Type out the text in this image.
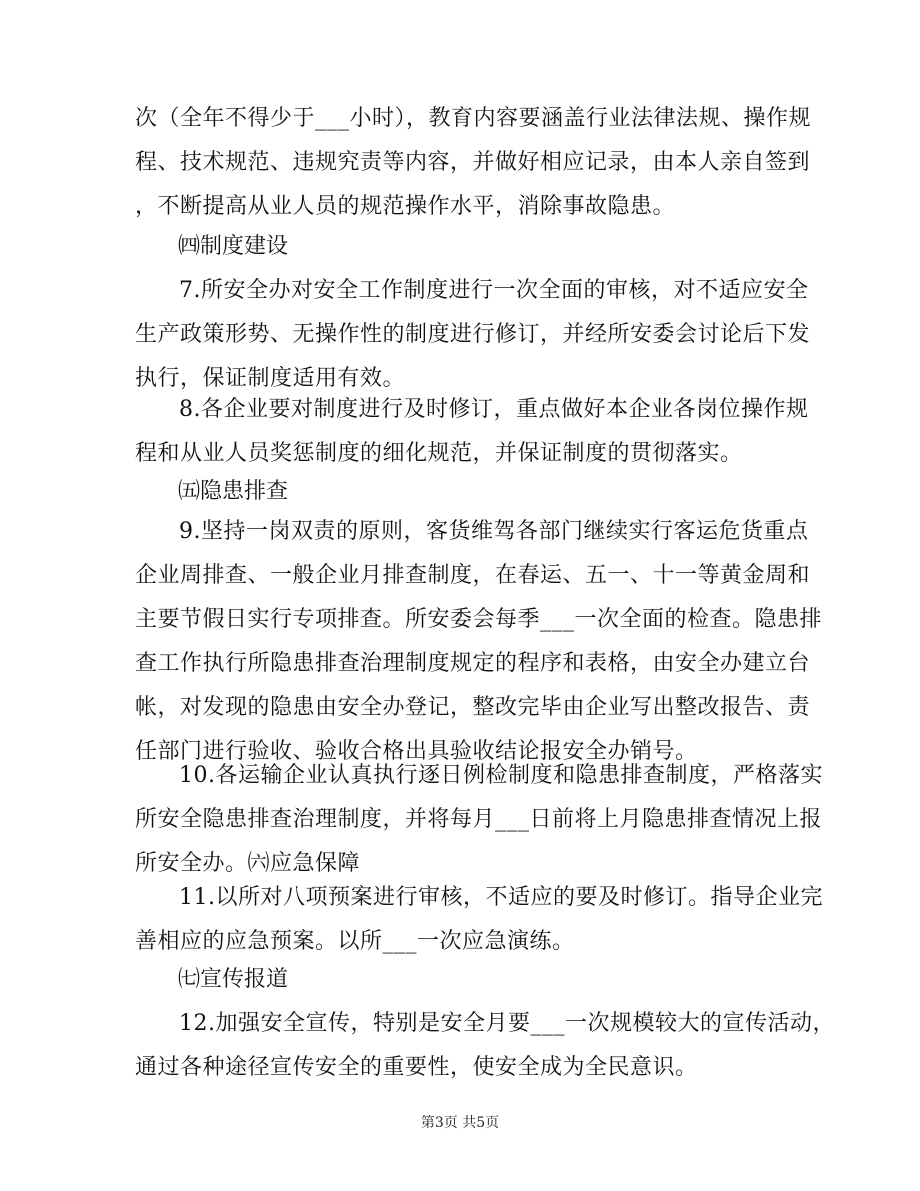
次（全年不得少于___小时），教育内容要涵盖行业法律法规、操作规
程、技术规范、违规究责等内容，并做好相应记录，由本人亲自签到
，不断提高从业人员的规范操作水平，消除事故隐患。
㈣制度建设
7.所安全办对安全工作制度进行一次全面的审核，对不适应安全
生产政策形势、无操作性的制度进行修订，并经所安委会讨论后下发
执行，保证制度适用有效。
8.各企业要对制度进行及时修订，重点做好本企业各岗位操作规
程和从业人员奖惩制度的细化规范，并保证制度的贯彻落实。
㈤隐患排查
9.坚持一岗双责的原则，客货维驾各部门继续实行客运危货重点
企业周排查、一般企业月排查制度，在春运、五一、十一等黄金周和
主要节假日实行专项排查。所安委会每季___一次全面的检查。隐患排
查工作执行所隐患排查治理制度规定的程序和表格，由安全办建立台
帐，对发现的隐患由安全办登记，整改完毕由企业写出整改报告、责
任部门进行验收、验收合格出具验收结论报安全办销号。
10.各运输企业认真执行逐日例检制度和隐患排查制度，严格落实
所安全隐患排查治理制度，并将每月___日前将上月隐患排查情况上报
所安全办。㈥应急保障
11.以所对八项预案进行审核，不适应的要及时修订。指导企业完
善相应的应急预案。以所___一次应急演练。
㈦宣传报道
12.加强安全宣传，特别是安全月要___一次规模较大的宣传活动，
通过各种途径宣传安全的重要性，使安全成为全民意识。
第3页 共5页
